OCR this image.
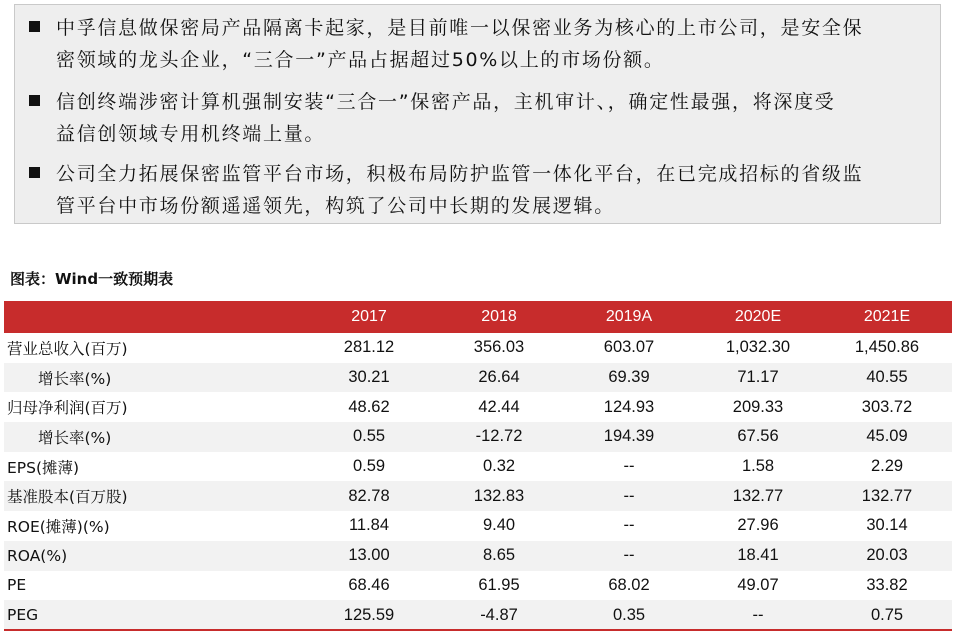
中孚信息做保密局产品隔离卡起家，是目前唯一以保密业务为核心的上市公司，是安全保
密领域的龙头企业，“三合一”产品占据超过50%以上的市场份额。
信创终端涉密计算机强制安装“三合一”保密产品，主机审计、，确定性最强，将深度受
益信创领域专用机终端上量。
公司全力拓展保密监管平台市场，积极布局防护监管一体化平台，在已完成招标的省级监
管平台中市场份额遥遥领先，构筑了公司中长期的发展逻辑。
图表：Wind一致预期表
	2017	2018	2019A	2020E	2021E
营业总收入(百万)	281.12	356.03	603.07	1,032.30	1,450.86
增长率(%)	30.21	26.64	69.39	71.17	40.55
归母净利润(百万)	48.62	42.44	124.93	209.33	303.72
增长率(%)	0.55	-12.72	194.39	67.56	45.09
EPS(摊薄)	0.59	0.32	--	1.58	2.29
基准股本(百万股)	82.78	132.83	--	132.77	132.77
ROE(摊薄)(%)	11.84	9.40	--	27.96	30.14
ROA(%)	13.00	8.65	--	18.41	20.03
PE	68.46	61.95	68.02	49.07	33.82
PEG	125.59	-4.87	0.35	--	0.75
